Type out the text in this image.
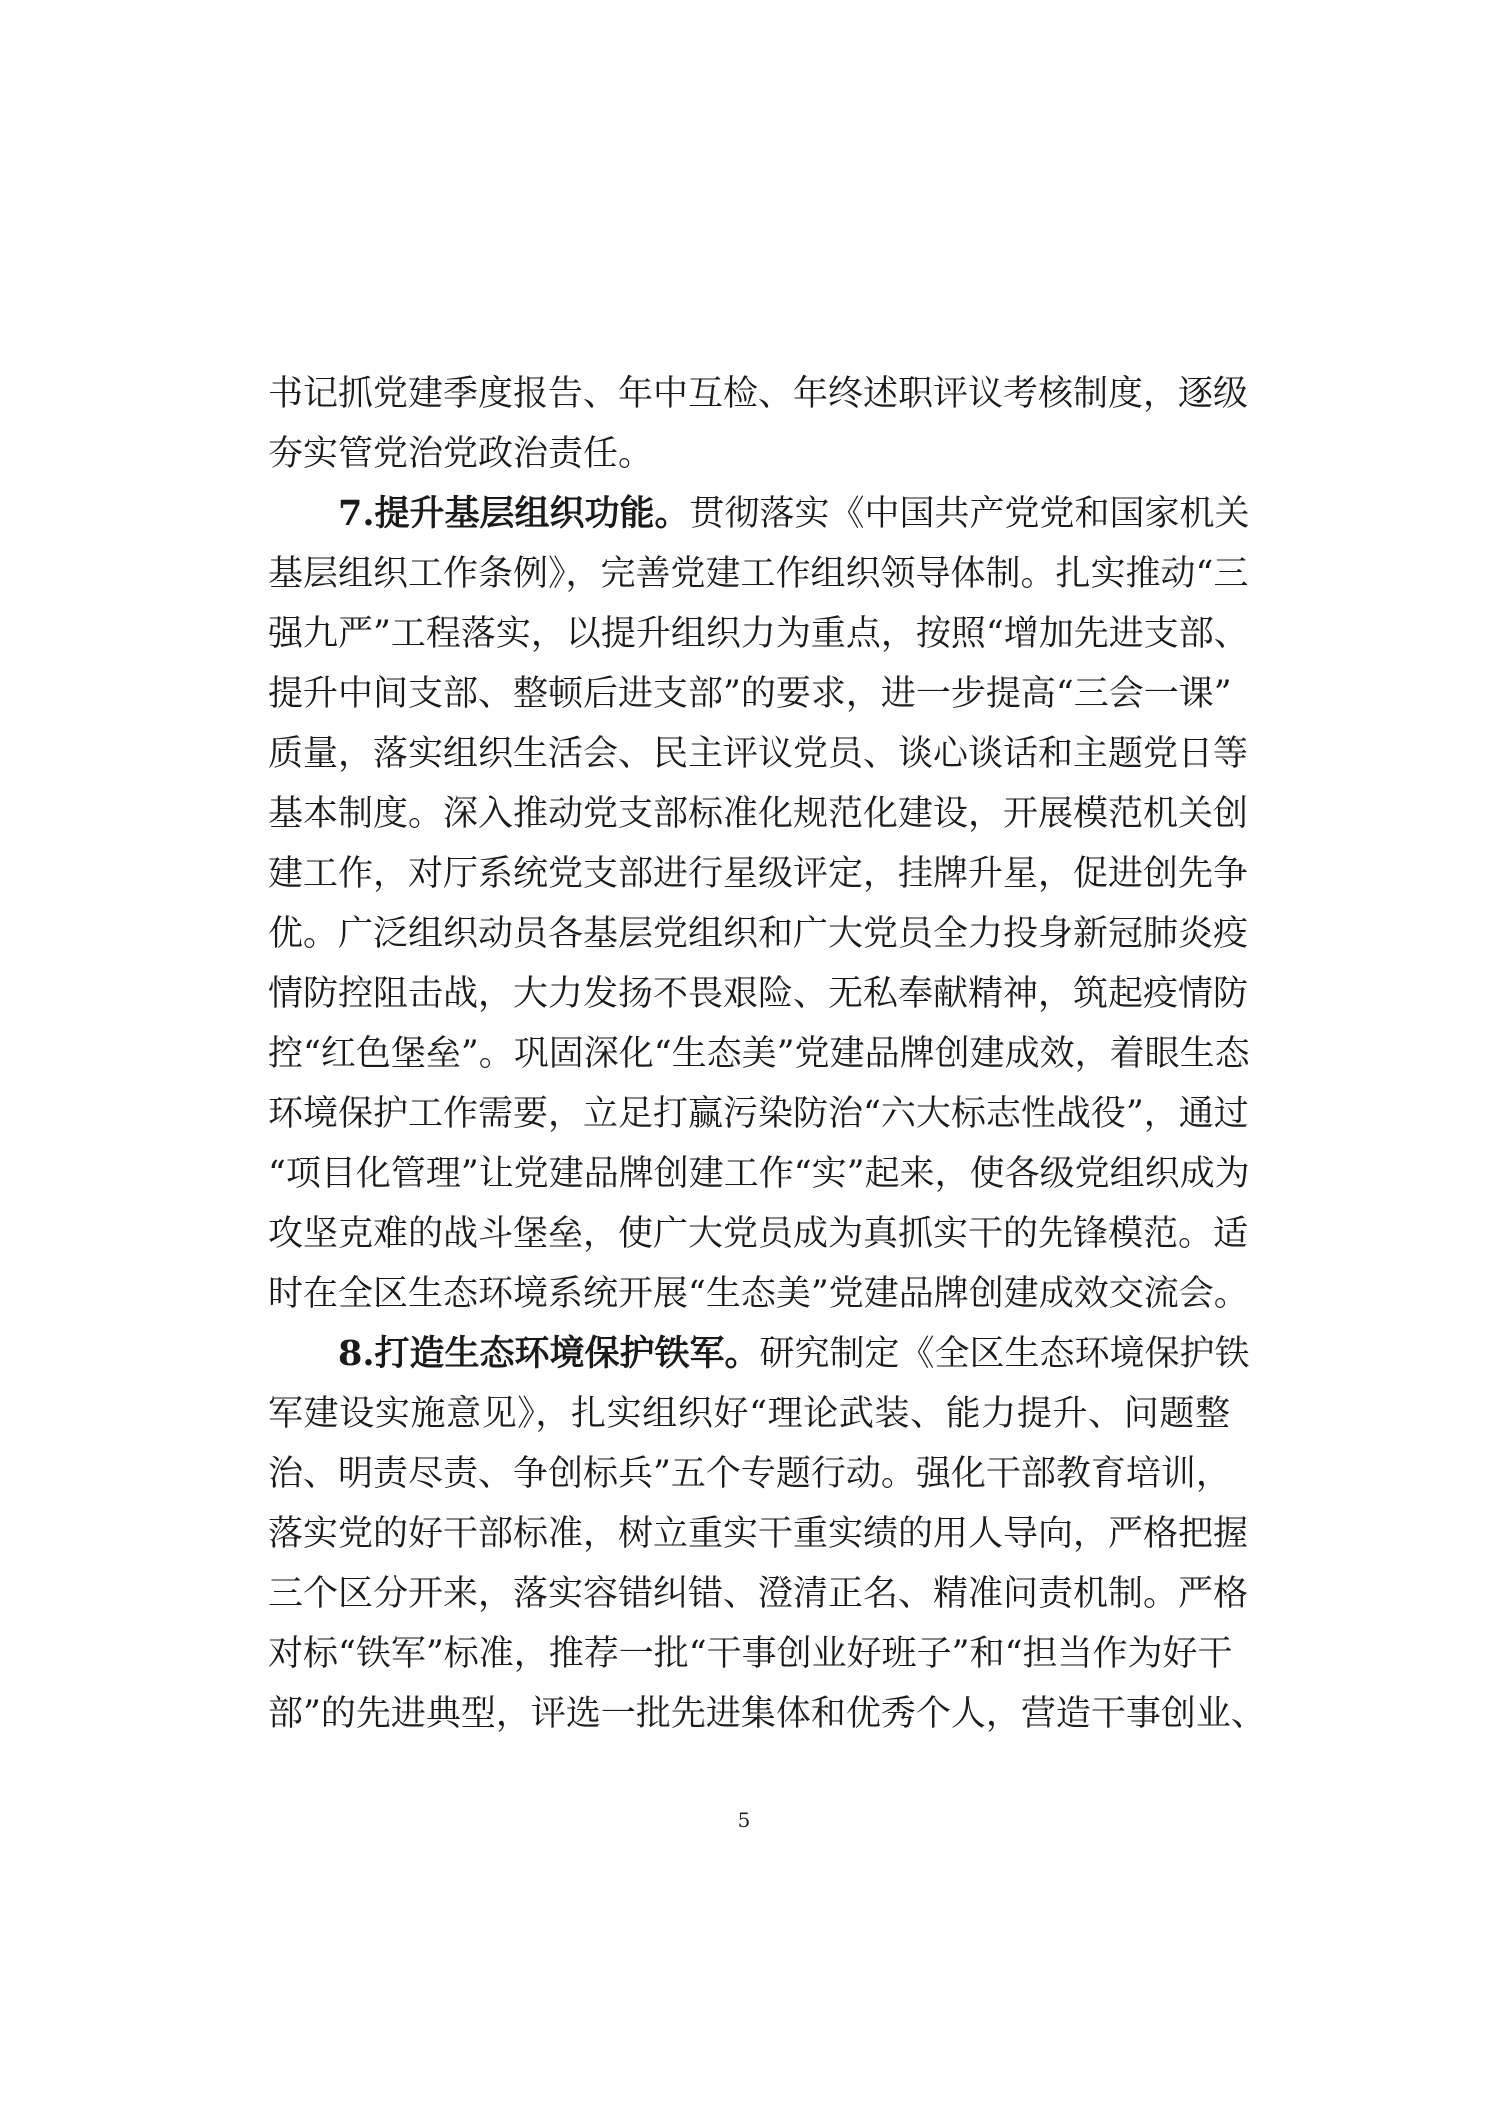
书记抓党建季度报告、年中互检、年终述职评议考核制度，逐级
夯实管党治党政治责任。
7.提升基层组织功能。贯彻落实《中国共产党党和国家机关
基层组织工作条例》，完善党建工作组织领导体制。扎实推动“三
强九严”工程落实，以提升组织力为重点，按照“增加先进支部、
提升中间支部、整顿后进支部”的要求，进一步提高“三会一课”
质量，落实组织生活会、民主评议党员、谈心谈话和主题党日等
基本制度。深入推动党支部标准化规范化建设，开展模范机关创
建工作，对厅系统党支部进行星级评定，挂牌升星，促进创先争
优。广泛组织动员各基层党组织和广大党员全力投身新冠肺炎疫
情防控阻击战，大力发扬不畏艰险、无私奉献精神，筑起疫情防
控“红色堡垒”。巩固深化“生态美”党建品牌创建成效，着眼生态
环境保护工作需要，立足打赢污染防治“六大标志性战役”，通过
“项目化管理”让党建品牌创建工作“实”起来，使各级党组织成为
攻坚克难的战斗堡垒，使广大党员成为真抓实干的先锋模范。适
时在全区生态环境系统开展“生态美”党建品牌创建成效交流会。
8.打造生态环境保护铁军。研究制定《全区生态环境保护铁
军建设实施意见》，扎实组织好“理论武装、能力提升、问题整
治、明责尽责、争创标兵”五个专题行动。强化干部教育培训，
落实党的好干部标准，树立重实干重实绩的用人导向，严格把握
三个区分开来，落实容错纠错、澄清正名、精准问责机制。严格
对标“铁军”标准，推荐一批“干事创业好班子”和“担当作为好干
部”的先进典型，评选一批先进集体和优秀个人，营造干事创业、
5
